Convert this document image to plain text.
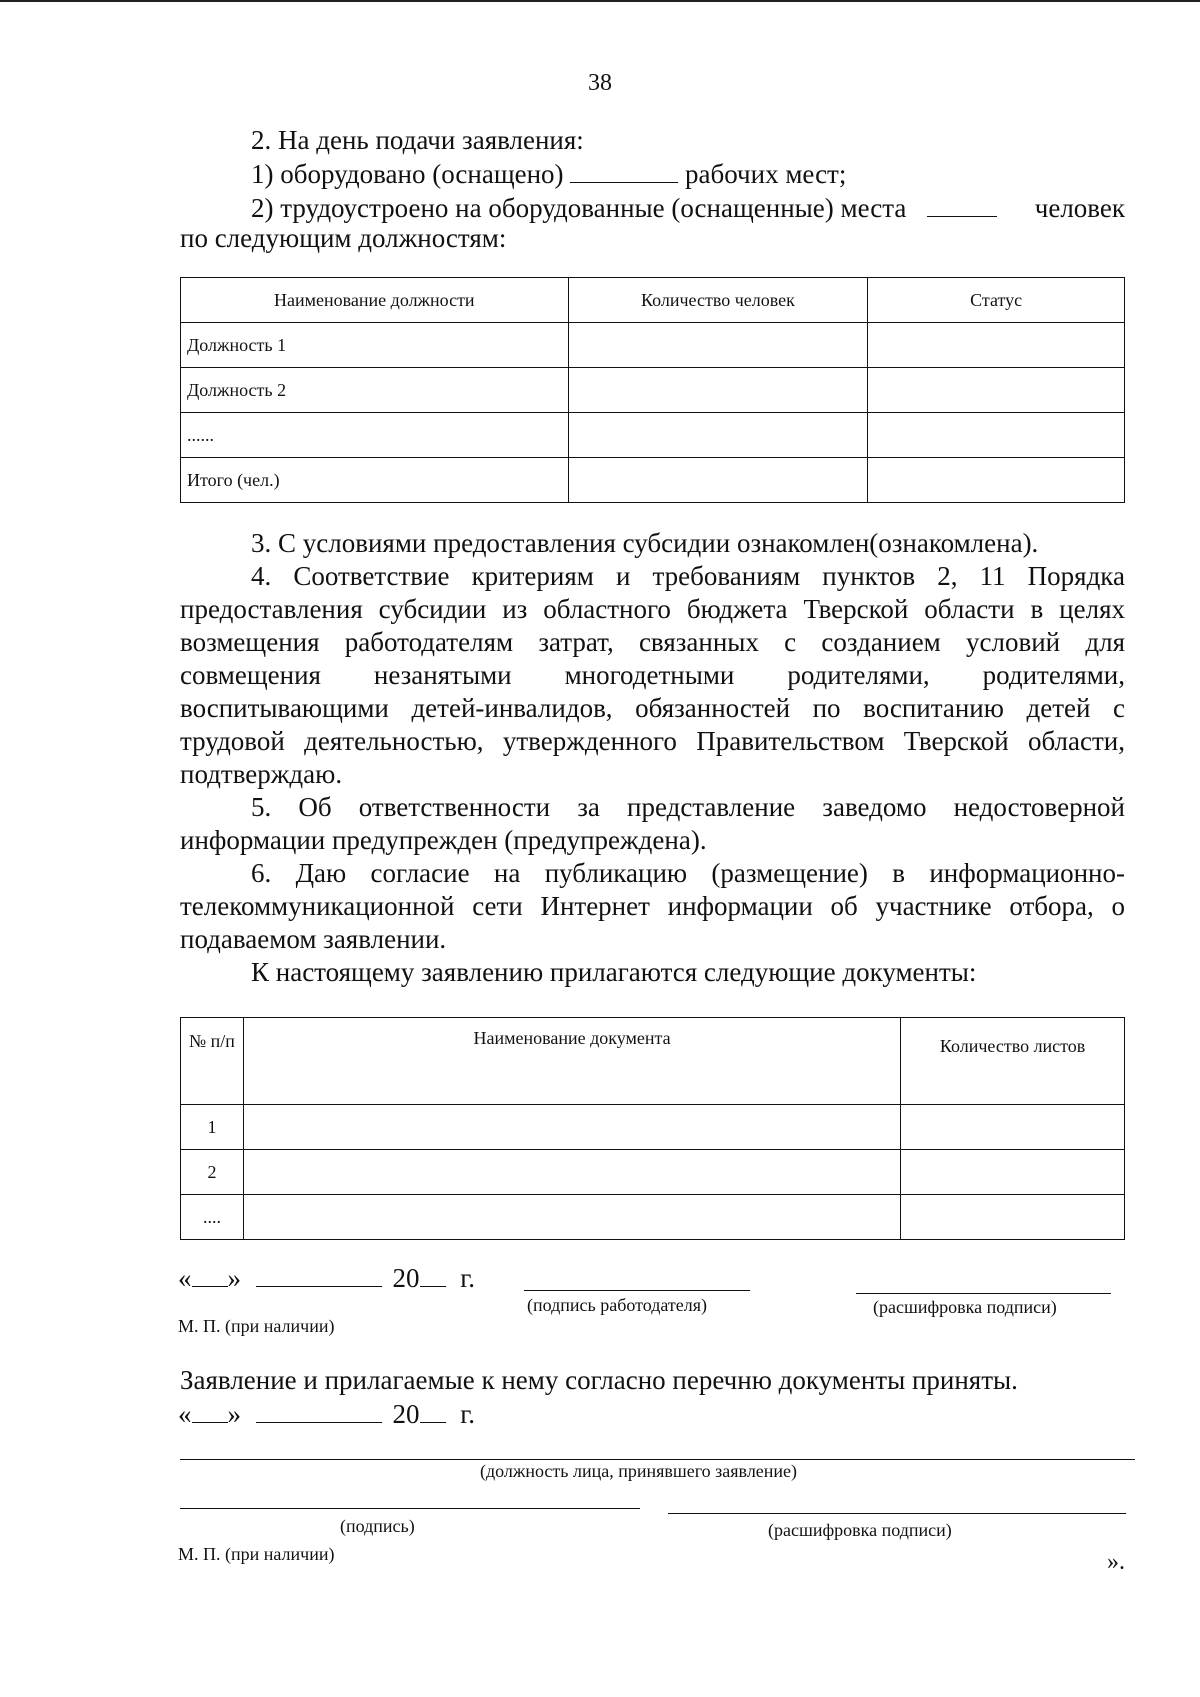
38
2. На день подачи заявления:
1) оборудовано (оснащено)	рабочих мест;
2) трудоустроено на оборудованные (оснащенные) места	человек
по следующим должностям:
Наименование должности	Количество человек	Статус
Должность 1		
Должность 2		
......		
Итого (чел.)		
3. С условиями предоставления субсидии ознакомлен(ознакомлена).
4. Соответствие критериям и требованиям пунктов 2, 11 Порядка
предоставления субсидии из областного бюджета Тверской области в целях
возмещения работодателям затрат, связанных с созданием условий для
совмещения незанятыми многодетными родителями, родителями,
воспитывающими детей-инвалидов, обязанностей по воспитанию детей с
трудовой деятельностью, утвержденного Правительством Тверской области,
подтверждаю.
5. Об ответственности за представление заведомо недостоверной
информации предупрежден (предупреждена).
6. Даю согласие на публикацию (размещение) в информационно-
телекоммуникационной сети Интернет информации об участнике отбора, о
подаваемом заявлении.
К настоящему заявлению прилагаются следующие документы:
№ п/п	Наименование документа	Количество листов
1		
2		
....		
« »	20 г.
(подпись работодателя)	(расшифровка подписи)
М. П. (при наличии)
Заявление и прилагаемые к нему согласно перечню документы приняты.
« »	20 г.
(должность лица, принявшего заявление)
(подпись)	(расшифровка подписи)
М. П. (при наличии)	».
